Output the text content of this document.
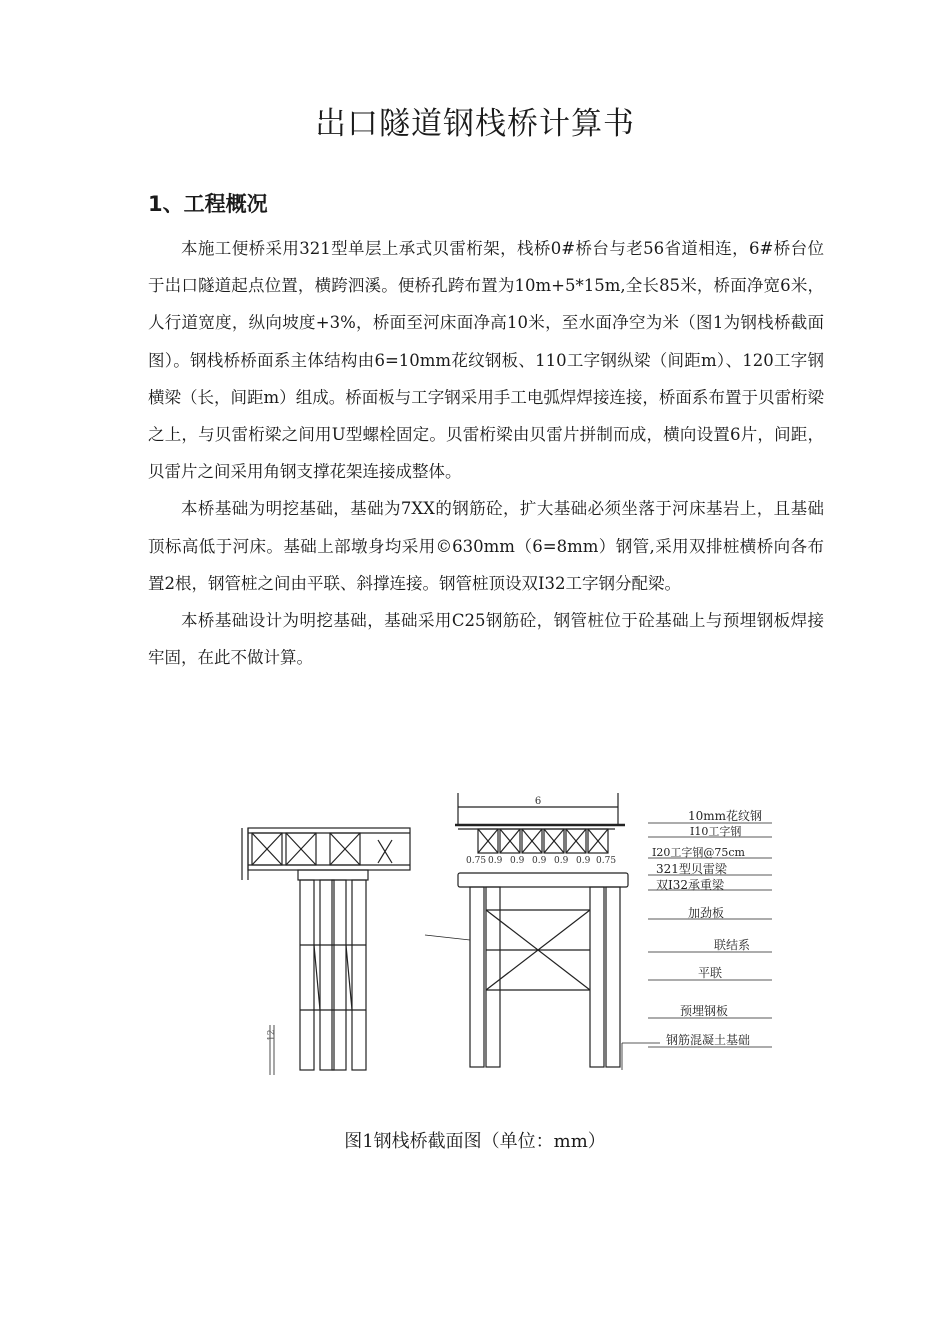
岀口隧道钢栈桥计算书
1、工程概况

本施工便桥采用321型单层上承式贝雷桁架，栈桥0#桥台与老56省道相连，6#桥台位于岀口隧道起点位置，横跨泗溪。便桥孔跨布置为10m+5*15m,全长85米，桥面净宽6米，人行道宽度，纵向坡度+3%，桥面至河床面净高10米，至水面净空为米（图1为钢栈桥截面图）。钢栈桥桥面系主体结构由6=10mm花纹钢板、110工字钢纵梁（间距m）、120工字钢横梁（长，间距m）组成。桥面板与工字钢采用手工电弧焊焊接连接，桥面系布置于贝雷桁梁之上，与贝雷桁梁之间用U型螺栓固定。贝雷桁梁由贝雷片拼制而成，横向设置6片，间距，贝雷片之间采用角钢支撑花架连接成整体。

本桥基础为明挖基础，基础为7XX的钢筋砼，扩大基础必须坐落于河床基岩上，且基础顶标高低于河床。基础上部墩身均采用©630mm（6=8mm）钢管,采用双排桩横桥向各布置2根，钢管桩之间由平联、斜撑连接。钢管桩顶设双I32工字钢分配梁。

本桥基础设计为明挖基础，基础采用C25钢筋砼，钢管桩位于砼基础上与预埋钢板焊接牢固，在此不做计算。

6
0.75 0.9 0.9 0.9 0.9 0.9 0.75
10mm花纹钢
I10工字钢
I20工字钢@75cm
321型贝雷梁
双I32承重梁
加劲板
联结系
平联
预埋钢板
钢筋混凝土基础
12
图1钢栈桥截面图（单位：mm）
